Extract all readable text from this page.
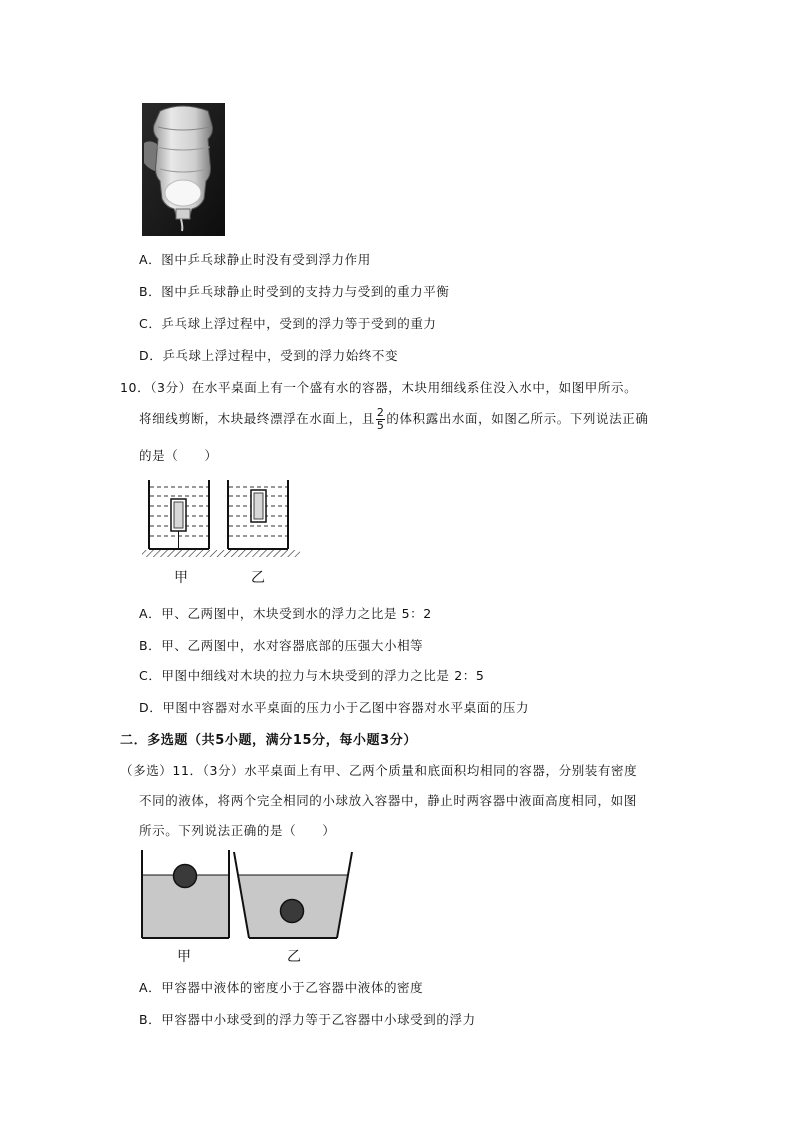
A．图中乒乓球静止时没有受到浮力作用
B．图中乒乓球静止时受到的支持力与受到的重力平衡
C．乒乓球上浮过程中，受到的浮力等于受到的重力
D．乒乓球上浮过程中，受到的浮力始终不变
10．（3分）在水平桌面上有一个盛有水的容器，木块用细线系住没入水中，如图甲所示。
将细线剪断，木块最终漂浮在水面上，且 $\frac{2}{5}$ 的体积露出水面，如图乙所示。下列说法正确
的是（　　）
甲	乙
A．甲、乙两图中，木块受到水的浮力之比是 5：2
B．甲、乙两图中，水对容器底部的压强大小相等
C．甲图中细线对木块的拉力与木块受到的浮力之比是 2：5
D．甲图中容器对水平桌面的压力小于乙图中容器对水平桌面的压力
二．多选题（共5小题，满分15分，每小题3分）
（多选）11．（3分）水平桌面上有甲、乙两个质量和底面积均相同的容器，分别装有密度
不同的液体，将两个完全相同的小球放入容器中，静止时两容器中液面高度相同，如图
所示。下列说法正确的是（　　）
甲	乙
A．甲容器中液体的密度小于乙容器中液体的密度
B．甲容器中小球受到的浮力等于乙容器中小球受到的浮力
